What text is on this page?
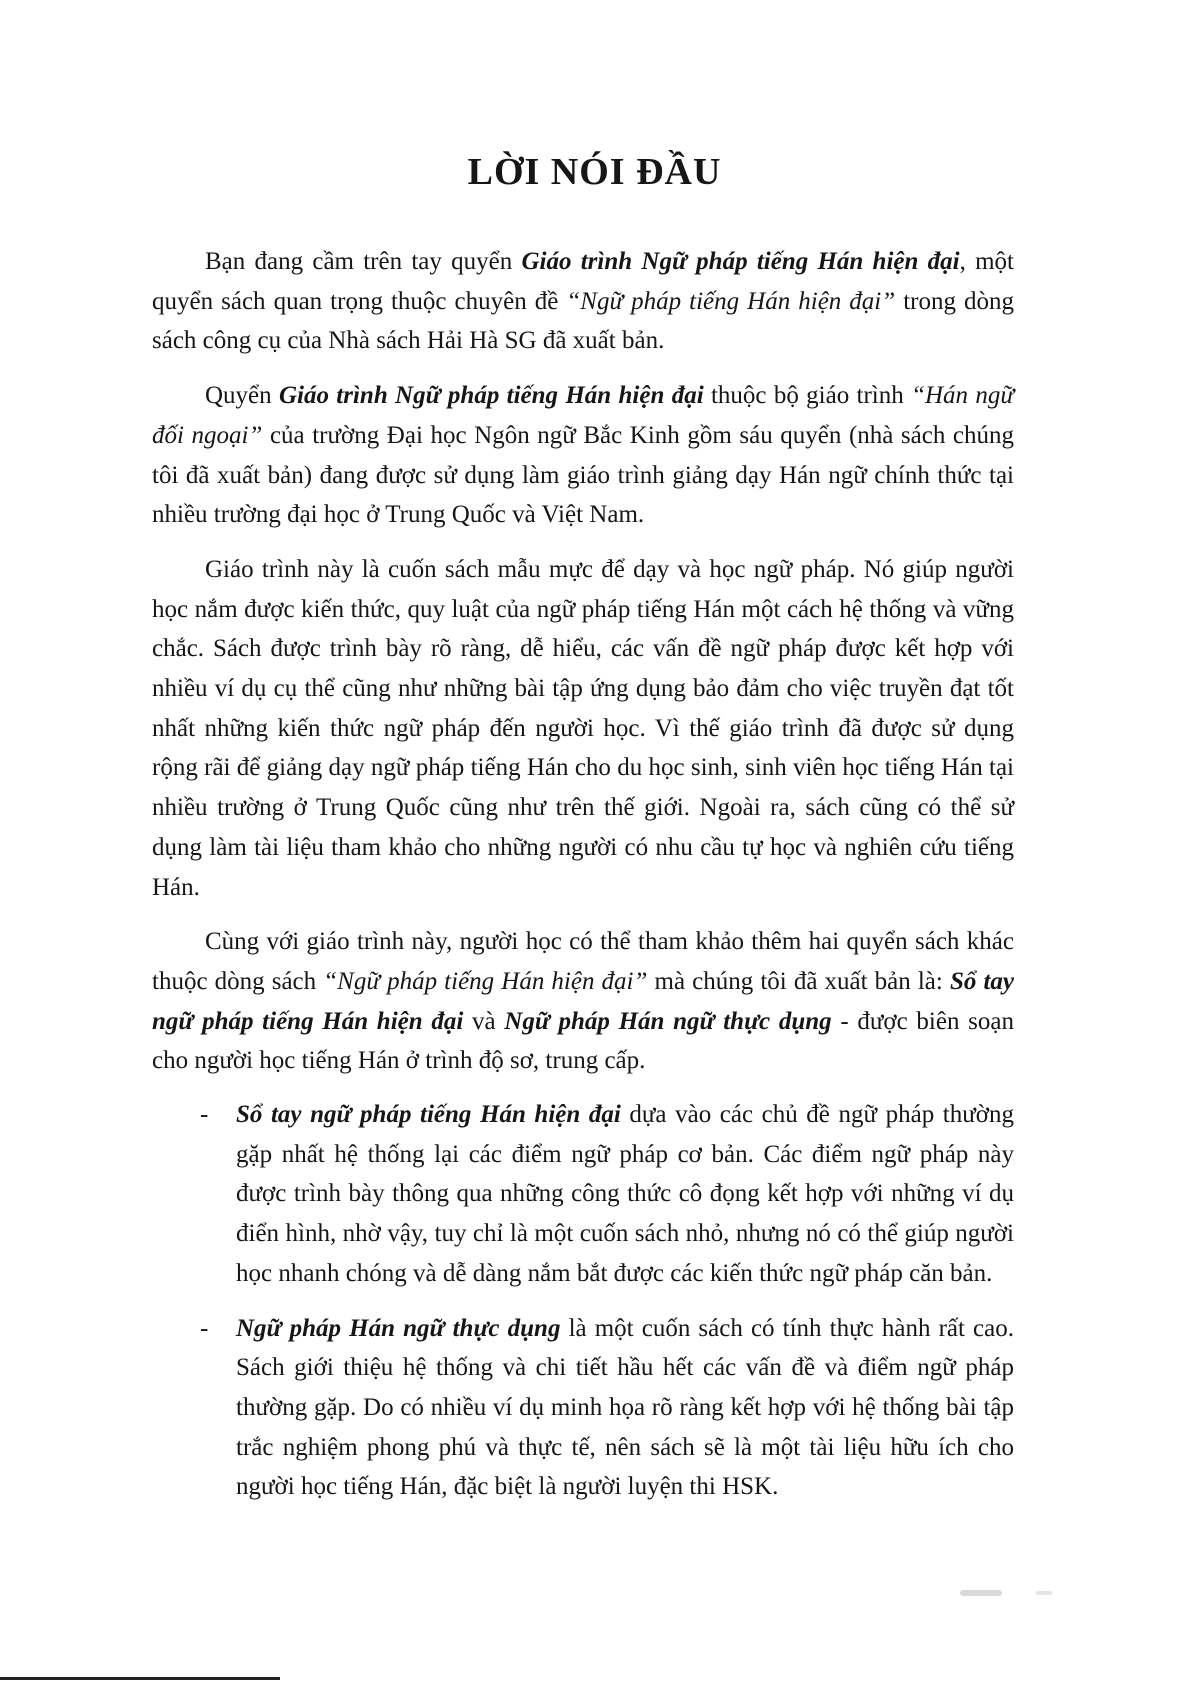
LỜI NÓI ĐẦU

Bạn đang cầm trên tay quyển Giáo trình Ngữ pháp tiếng Hán hiện đại, một quyển sách quan trọng thuộc chuyên đề “Ngữ pháp tiếng Hán hiện đại” trong dòng sách công cụ của Nhà sách Hải Hà SG đã xuất bản.

Quyển Giáo trình Ngữ pháp tiếng Hán hiện đại thuộc bộ giáo trình “Hán ngữ đối ngoại” của trường Đại học Ngôn ngữ Bắc Kinh gồm sáu quyển (nhà sách chúng tôi đã xuất bản) đang được sử dụng làm giáo trình giảng dạy Hán ngữ chính thức tại nhiều trường đại học ở Trung Quốc và Việt Nam.

Giáo trình này là cuốn sách mẫu mực để dạy và học ngữ pháp. Nó giúp người học nắm được kiến thức, quy luật của ngữ pháp tiếng Hán một cách hệ thống và vững chắc. Sách được trình bày rõ ràng, dễ hiểu, các vấn đề ngữ pháp được kết hợp với nhiều ví dụ cụ thể cũng như những bài tập ứng dụng bảo đảm cho việc truyền đạt tốt nhất những kiến thức ngữ pháp đến người học. Vì thế giáo trình đã được sử dụng rộng rãi để giảng dạy ngữ pháp tiếng Hán cho du học sinh, sinh viên học tiếng Hán tại nhiều trường ở Trung Quốc cũng như trên thế giới. Ngoài ra, sách cũng có thể sử dụng làm tài liệu tham khảo cho những người có nhu cầu tự học và nghiên cứu tiếng Hán.

Cùng với giáo trình này, người học có thể tham khảo thêm hai quyển sách khác thuộc dòng sách “Ngữ pháp tiếng Hán hiện đại” mà chúng tôi đã xuất bản là: Sổ tay ngữ pháp tiếng Hán hiện đại và Ngữ pháp Hán ngữ thực dụng - được biên soạn cho người học tiếng Hán ở trình độ sơ, trung cấp.

- Sổ tay ngữ pháp tiếng Hán hiện đại dựa vào các chủ đề ngữ pháp thường gặp nhất hệ thống lại các điểm ngữ pháp cơ bản. Các điểm ngữ pháp này được trình bày thông qua những công thức cô đọng kết hợp với những ví dụ điển hình, nhờ vậy, tuy chỉ là một cuốn sách nhỏ, nhưng nó có thể giúp người học nhanh chóng và dễ dàng nắm bắt được các kiến thức ngữ pháp căn bản.
- Ngữ pháp Hán ngữ thực dụng là một cuốn sách có tính thực hành rất cao. Sách giới thiệu hệ thống và chi tiết hầu hết các vấn đề và điểm ngữ pháp thường gặp. Do có nhiều ví dụ minh họa rõ ràng kết hợp với hệ thống bài tập trắc nghiệm phong phú và thực tế, nên sách sẽ là một tài liệu hữu ích cho người học tiếng Hán, đặc biệt là người luyện thi HSK.
